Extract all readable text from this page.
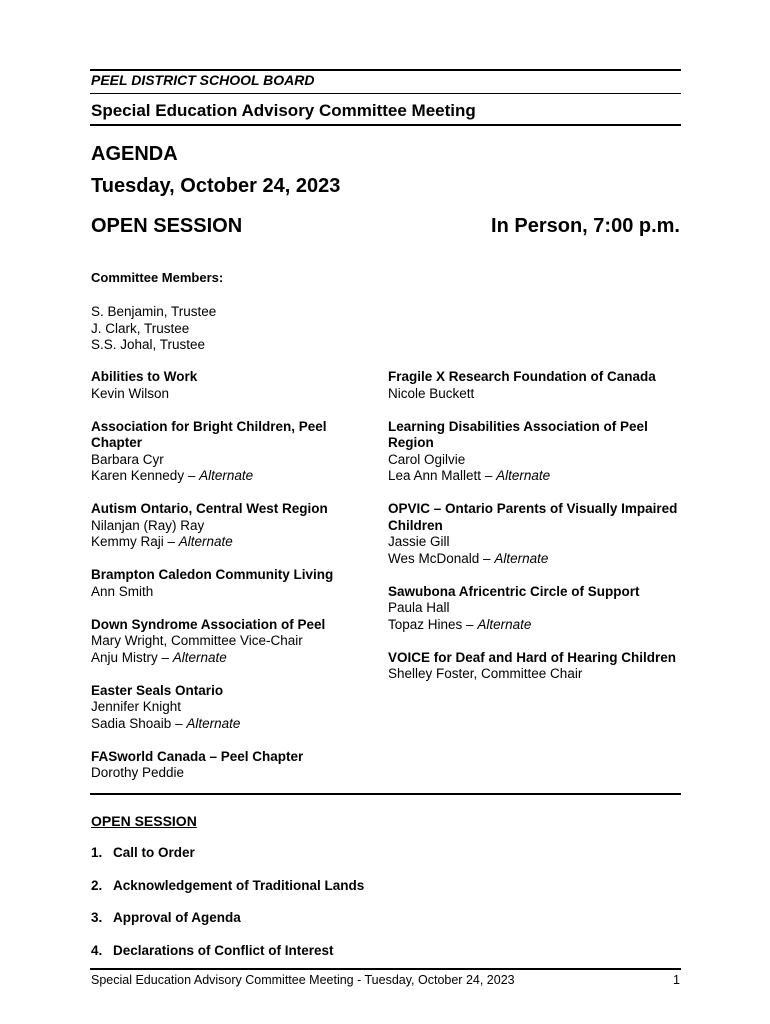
PEEL DISTRICT SCHOOL BOARD
Special Education Advisory Committee Meeting
AGENDA
Tuesday, October 24, 2023
OPEN SESSION	In Person, 7:00 p.m.
Committee Members:
S. Benjamin, Trustee
J. Clark, Trustee
S.S. Johal, Trustee
Abilities to Work
Kevin Wilson
Association for Bright Children, Peel Chapter
Barbara Cyr
Karen Kennedy – Alternate
Autism Ontario, Central West Region
Nilanjan (Ray) Ray
Kemmy Raji – Alternate
Brampton Caledon Community Living
Ann Smith
Down Syndrome Association of Peel
Mary Wright, Committee Vice-Chair
Anju Mistry – Alternate
Easter Seals Ontario
Jennifer Knight
Sadia Shoaib – Alternate
FASworld Canada – Peel Chapter
Dorothy Peddie
Fragile X Research Foundation of Canada
Nicole Buckett
Learning Disabilities Association of Peel Region
Carol Ogilvie
Lea Ann Mallett – Alternate
OPVIC – Ontario Parents of Visually Impaired Children
Jassie Gill
Wes McDonald – Alternate
Sawubona Africentric Circle of Support
Paula Hall
Topaz Hines – Alternate
VOICE for Deaf and Hard of Hearing Children
Shelley Foster, Committee Chair
OPEN SESSION
1. Call to Order
2. Acknowledgement of Traditional Lands
3. Approval of Agenda
4. Declarations of Conflict of Interest
Special Education Advisory Committee Meeting - Tuesday, October 24, 2023	1
